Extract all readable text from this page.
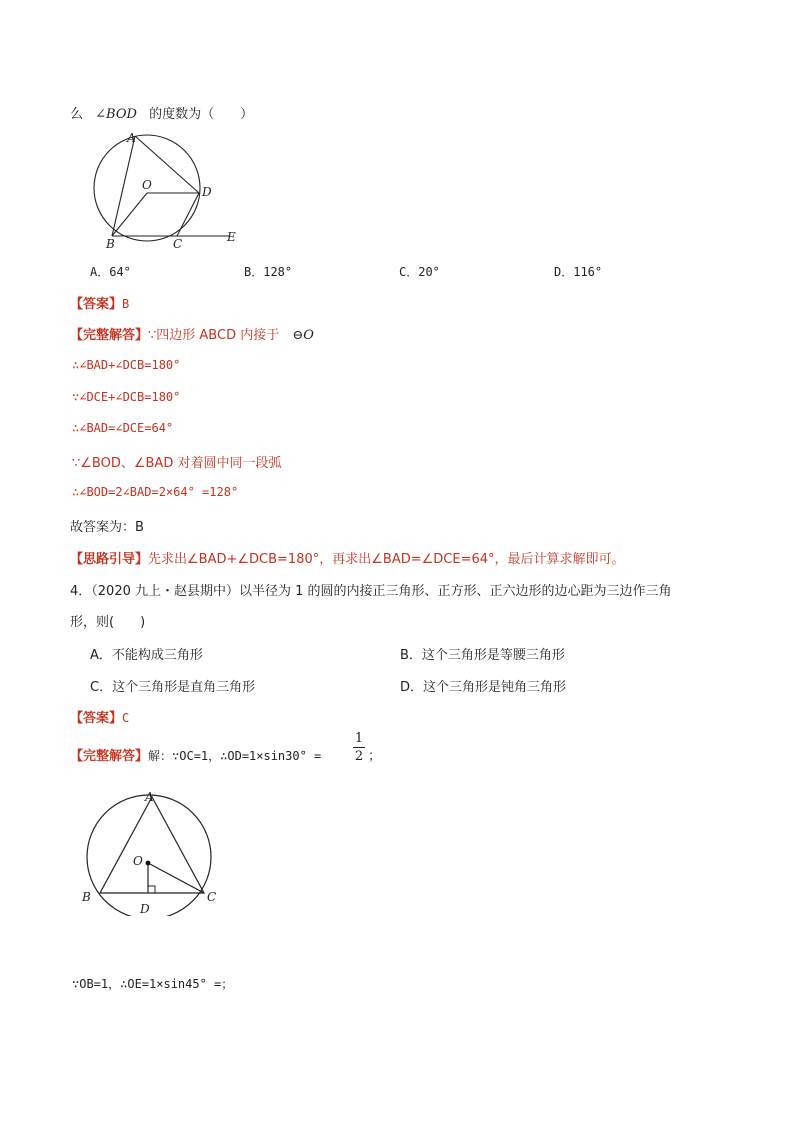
么 ∠BOD 的度数为（　　）
A
O	D
B	C	E
A．64°	B．128°	C．20°	D．116°
【答案】B
【完整解答】∵四边形 ABCD 内接于 ⊖O
∴∠BAD+∠DCB=180°
∵∠DCE+∠DCB=180°
∴∠BAD=∠DCE=64°
∵∠BOD、∠BAD 对着圆中同一段弧
∴∠BOD=2∠BAD=2×64° =128°
故答案为：B
【思路引导】先求出∠BAD+∠DCB=180°，再求出∠BAD=∠DCE=64°，最后计算求解即可。
4．（2020 九上・赵县期中）以半径为 1 的圆的内接正三角形、正方形、正六边形的边心距为三边作三角
形，则(　　)
A．不能构成三角形	B．这个三角形是等腰三角形
C．这个三角形是直角三角形	D．这个三角形是钝角三角形
【答案】C
【完整解答】解：∵OC=1，∴OD=1×sin30° =
1
2 ；
A
O
B
D
C
∵OB=1，∴OE=1×sin45° =；
